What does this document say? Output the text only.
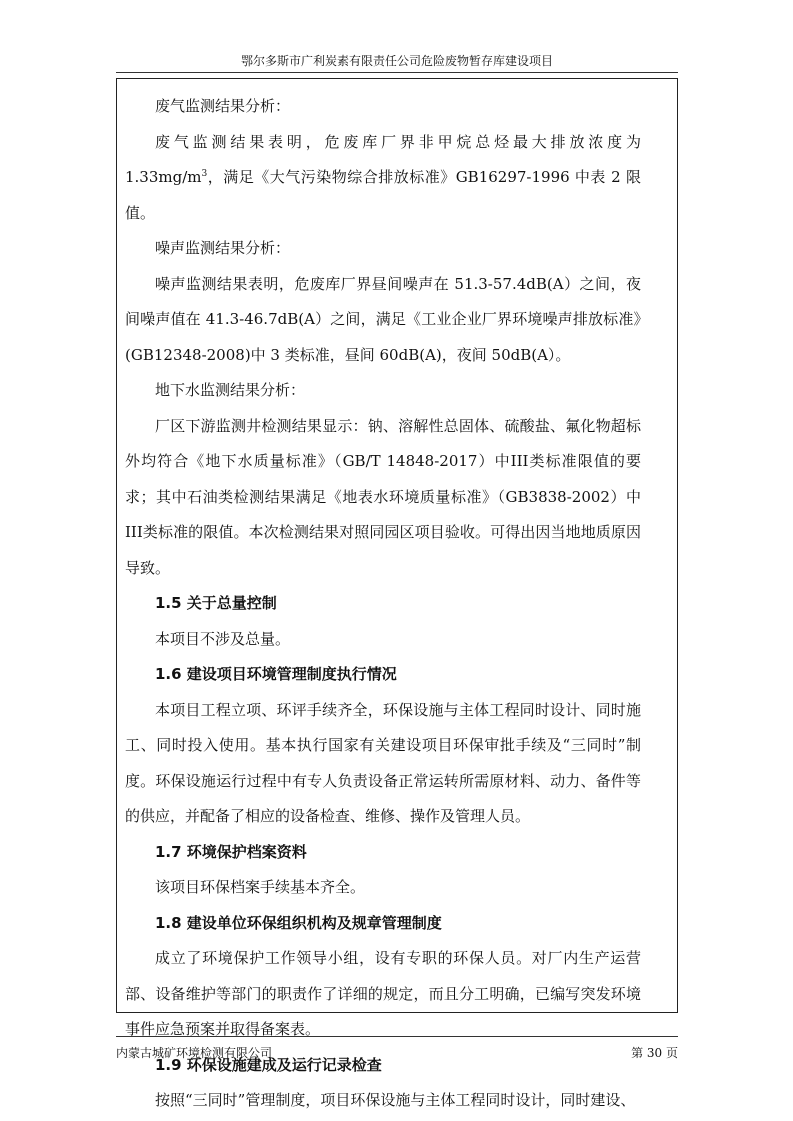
鄂尔多斯市广利炭素有限责任公司危险废物暂存库建设项目

废气监测结果分析：

废气监测结果表明，危废库厂界非甲烷总烃最大排放浓度为 $1.33mg/m^3$，满足《大气污染物综合排放标准》GB16297-1996 中表 2 限值。

噪声监测结果分析：

噪声监测结果表明，危废库厂界昼间噪声在 51.3-57.4dB(A）之间，夜间噪声值在 41.3-46.7dB(A）之间，满足《工业企业厂界环境噪声排放标准》(GB12348-2008)中 3 类标准，昼间 60dB(A)，夜间 50dB(A）。

地下水监测结果分析：

厂区下游监测井检测结果显示：钠、溶解性总固体、硫酸盐、氟化物超标外均符合《地下水质量标准》（GB/T 14848-2017）中III类标准限值的要求；其中石油类检测结果满足《地表水环境质量标准》（GB3838-2002）中III类标准的限值。本次检测结果对照同园区项目验收。可得出因当地地质原因导致。

1.5 关于总量控制

本项目不涉及总量。

1.6 建设项目环境管理制度执行情况

本项目工程立项、环评手续齐全，环保设施与主体工程同时设计、同时施工、同时投入使用。基本执行国家有关建设项目环保审批手续及“三同时”制度。环保设施运行过程中有专人负责设备正常运转所需原材料、动力、备件等的供应，并配备了相应的设备检查、维修、操作及管理人员。

1.7 环境保护档案资料

该项目环保档案手续基本齐全。

1.8 建设单位环保组织机构及规章管理制度

成立了环境保护工作领导小组，设有专职的环保人员。对厂内生产运营部、设备维护等部门的职责作了详细的规定，而且分工明确，已编写突发环境事件应急预案并取得备案表。

1.9 环保设施建成及运行记录检查

按照“三同时”管理制度，项目环保设施与主体工程同时设计，同时建设、

内蒙古城矿环境检测有限公司	第 30 页
